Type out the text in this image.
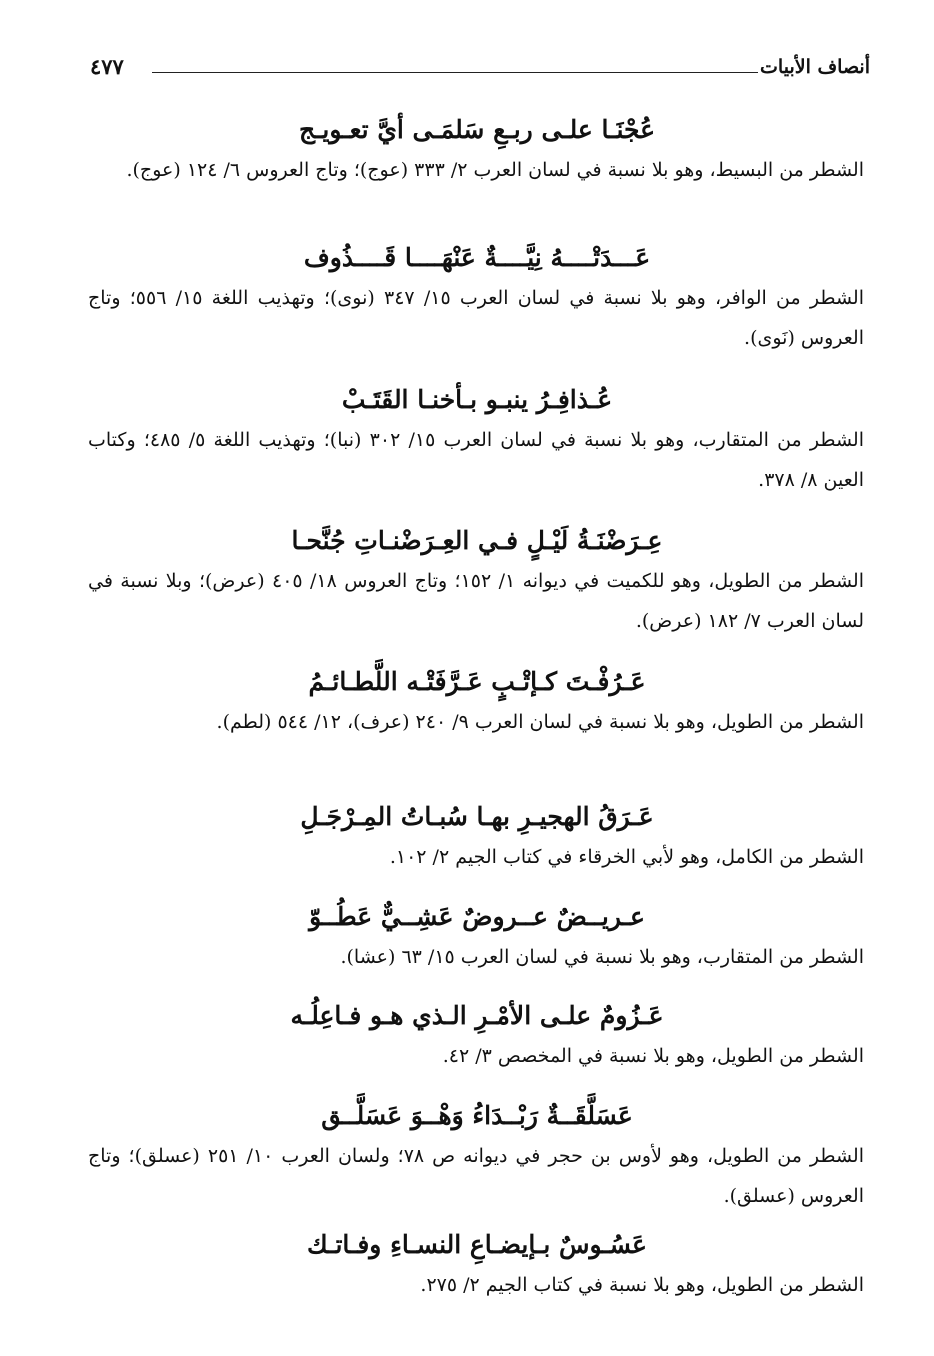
أنصاف الأبيات
٤٧٧
عُجْنَـا علـى ربـعِ سَلمَـى أيَّ تعـويـج
الشطر من البسيط، وهو بلا نسبة في لسان العرب ٢/ ٣٣٣ (عوج)؛ وتاج العروس ٦/ ١٢٤ (عوج).
عَـــدَتْــــهُ نِيَّــــةٌ عَنْهَــــا قَــــذُوف
الشطر من الوافر، وهو بلا نسبة في لسان العرب ١٥/ ٣٤٧ (نوى)؛ وتهذيب اللغة ١٥/ ٥٥٦؛ وتاج العروس (نَوى).
عُـذافِـرُ ينبـو بـأخنـا القَتَـبْ
الشطر من المتقارب، وهو بلا نسبة في لسان العرب ١٥/ ٣٠٢ (نبا)؛ وتهذيب اللغة ٥/ ٤٨٥؛ وكتاب العين ٨/ ٣٧٨.
عِـرَضْنَـةُ لَيْـلٍ فـي العِـرَضْنـاتِ جُنَّحـا
الشطر من الطويل، وهو للكميت في ديوانه ١/ ١٥٢؛ وتاج العروس ١٨/ ٤٠٥ (عرض)؛ وبلا نسبة في لسان العرب ٧/ ١٨٢ (عرض).
عَـرُفْـتَ كـإتْـبٍ عَـرَّفَتْـه اللَّطـائـمُ
الشطر من الطويل، وهو بلا نسبة في لسان العرب ٩/ ٢٤٠ (عرف)، ١٢/ ٥٤٤ (لطم).
عَـرَقُ الهجيـرِ بهـا سُبـاتُ المِـرْجَـلِ
الشطر من الكامل، وهو لأبي الخرقاء في كتاب الجيم ٢/ ١٠٢.
عـريــضٌ عــروضٌ عَشِــيٌّ عَطُــوّ
الشطر من المتقارب، وهو بلا نسبة في لسان العرب ١٥/ ٦٣ (عشا).
عَـزُومٌ علـى الأمْـرِ الـذي هـو فـاعِلُـه
الشطر من الطويل، وهو بلا نسبة في المخصص ٣/ ٤٢.
عَسَلَّقَــةٌ رَبْــدَاءُ وَهْــوَ عَسَلَّــق
الشطر من الطويل، وهو لأوس بن حجر في ديوانه ص ٧٨؛ ولسان العرب ١٠/ ٢٥١ (عسلق)؛ وتاج العروس (عسلق).
عَسُـوسٌ بـإيضـاعِ النسـاءِ وفـاتـك
الشطر من الطويل، وهو بلا نسبة في كتاب الجيم ٢/ ٢٧٥.
